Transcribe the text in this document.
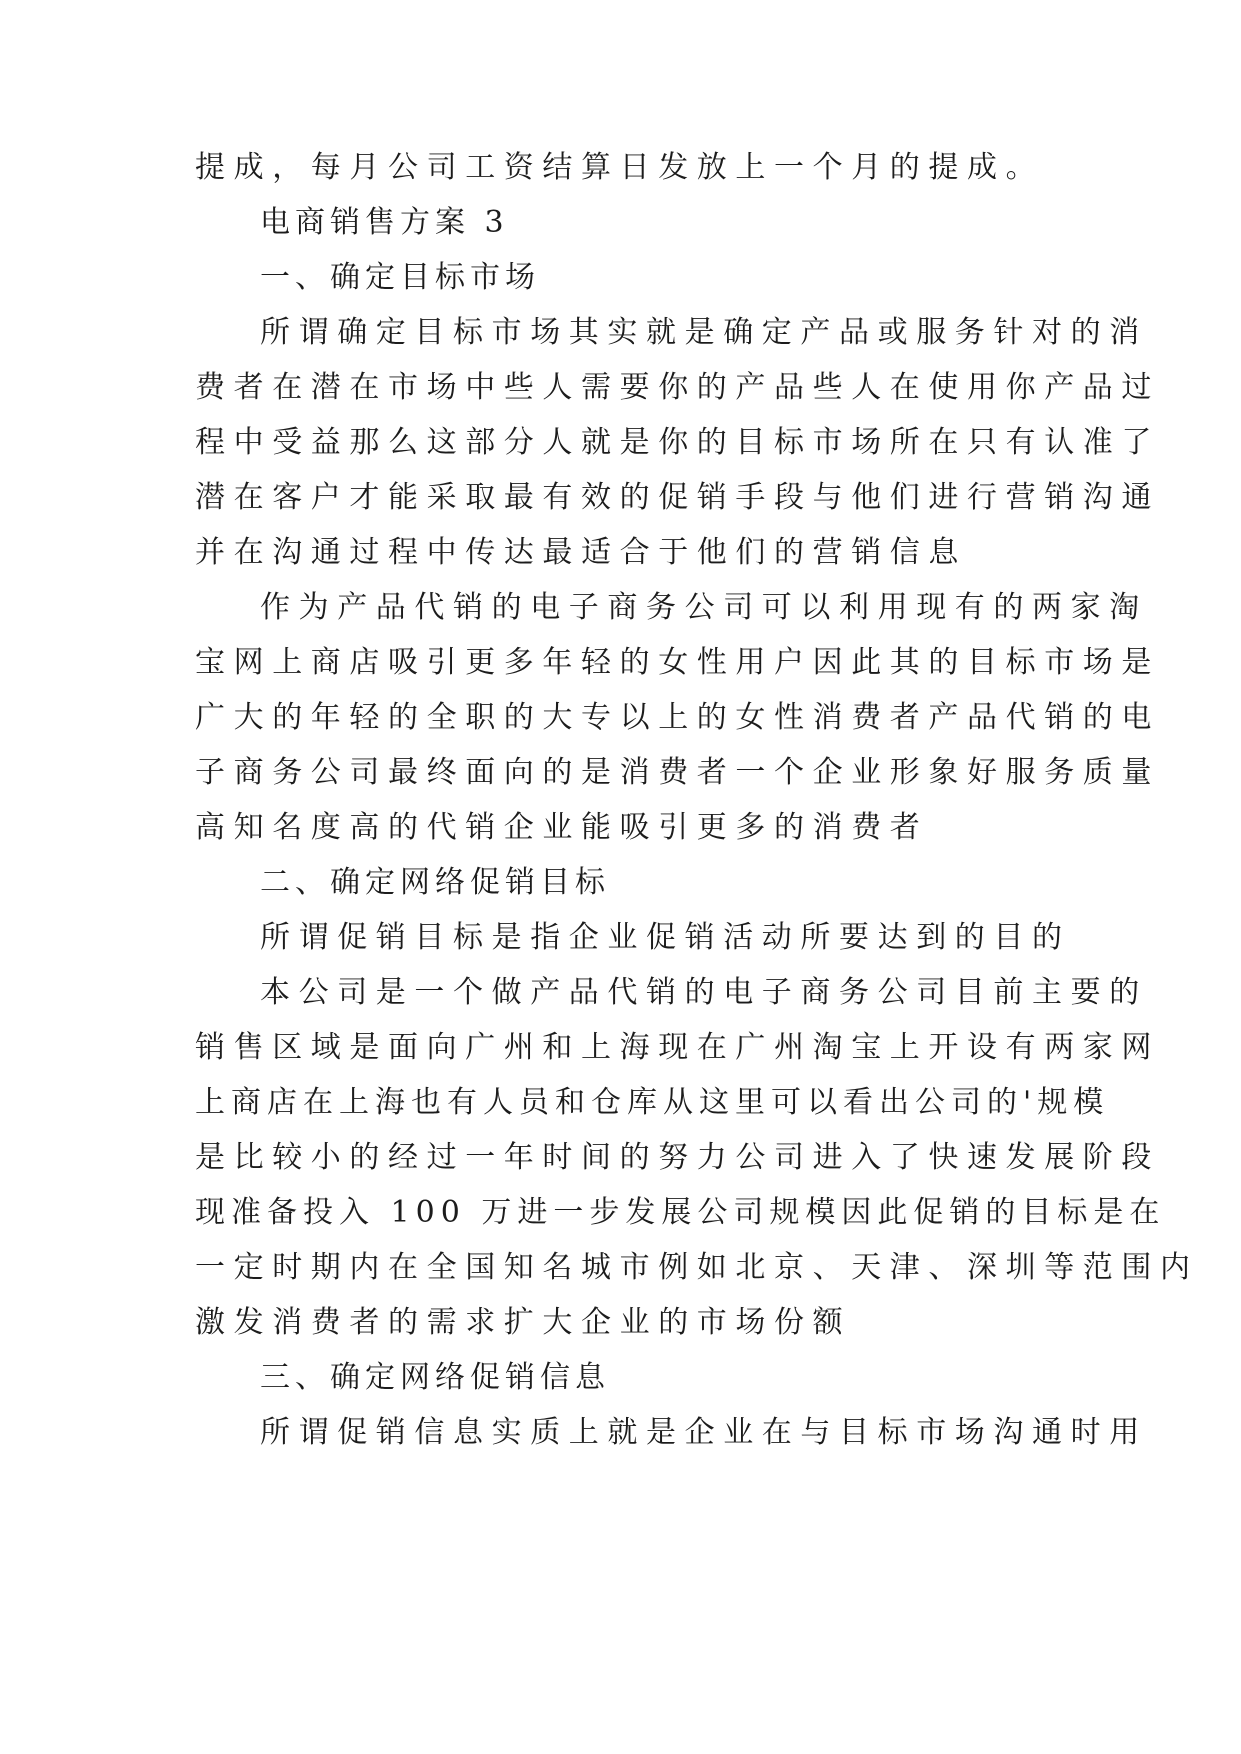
提成，每月公司工资结算日发放上一个月的提成。
电商销售方案 3
一、确定目标市场
所谓确定目标市场其实就是确定产品或服务针对的消
费者在潜在市场中些人需要你的产品些人在使用你产品过
程中受益那么这部分人就是你的目标市场所在只有认准了
潜在客户才能采取最有效的促销手段与他们进行营销沟通
并在沟通过程中传达最适合于他们的营销信息
作为产品代销的电子商务公司可以利用现有的两家淘
宝网上商店吸引更多年轻的女性用户因此其的目标市场是
广大的年轻的全职的大专以上的女性消费者产品代销的电
子商务公司最终面向的是消费者一个企业形象好服务质量
高知名度高的代销企业能吸引更多的消费者
二、确定网络促销目标
所谓促销目标是指企业促销活动所要达到的目的
本公司是一个做产品代销的电子商务公司目前主要的
销售区域是面向广州和上海现在广州淘宝上开设有两家网
上商店在上海也有人员和仓库从这里可以看出公司的'规模
是比较小的经过一年时间的努力公司进入了快速发展阶段
现准备投入 100 万进一步发展公司规模因此促销的目标是在
一定时期内在全国知名城市例如北京、天津、深圳等范围内
激发消费者的需求扩大企业的市场份额
三、确定网络促销信息
所谓促销信息实质上就是企业在与目标市场沟通时用
